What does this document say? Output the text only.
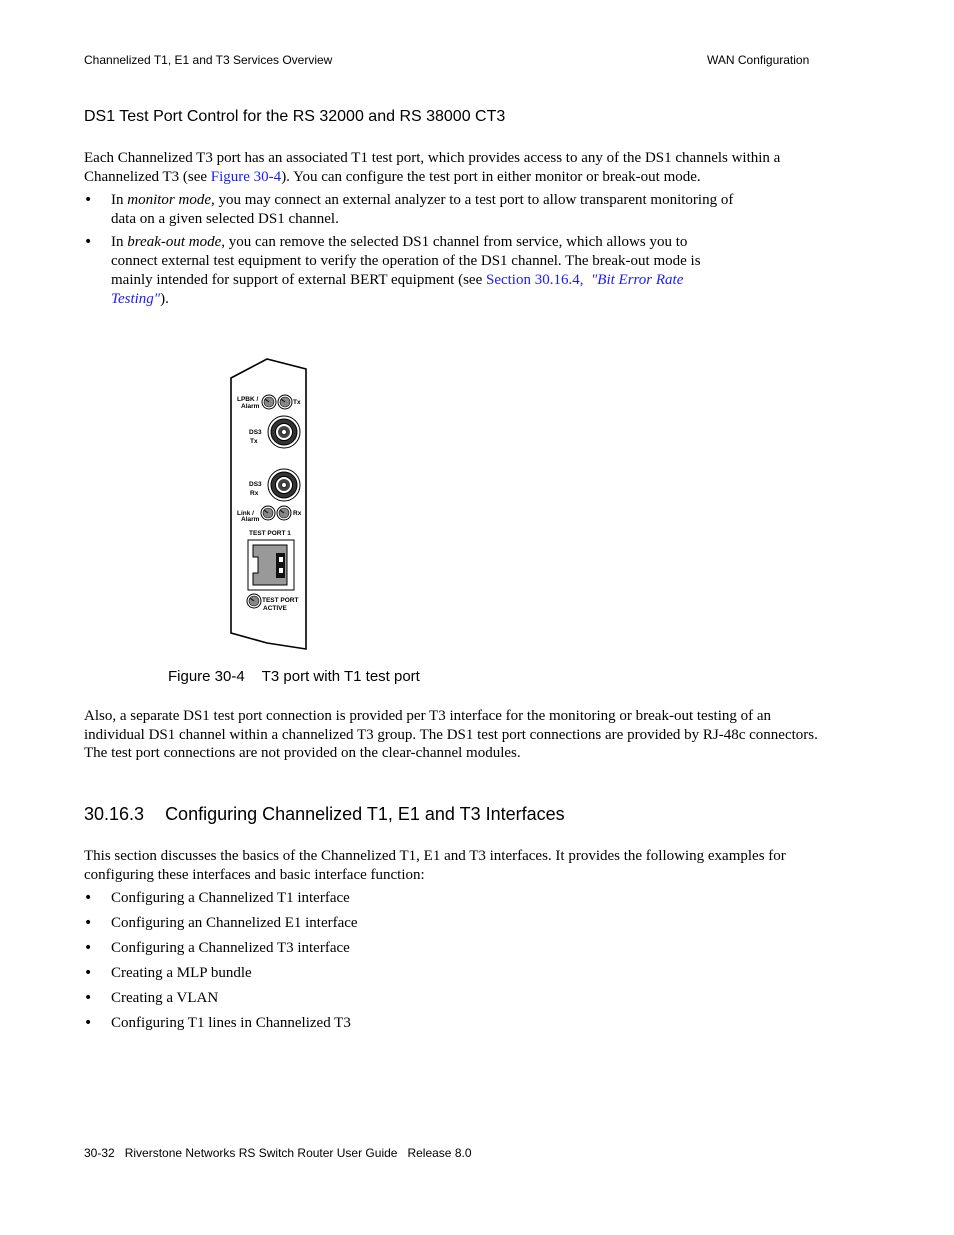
Channelized T1, E1 and T3 Services Overview	WAN Configuration
DS1 Test Port Control for the RS 32000 and RS 38000 CT3
Each Channelized T3 port has an associated T1 test port, which provides access to any of the DS1 channels within a Channelized T3 (see Figure 30-4). You can configure the test port in either monitor or break-out mode.
• In monitor mode, you may connect an external analyzer to a test port to allow transparent monitoring of data on a given selected DS1 channel.
• In break-out mode, you can remove the selected DS1 channel from service, which allows you to connect external test equipment to verify the operation of the DS1 channel. The break-out mode is mainly intended for support of external BERT equipment (see Section 30.16.4, "Bit Error Rate Testing").
LPBK /
Alarm
Tx
DS3
Tx
DS3
Rx
Link /
Alarm
Rx
TEST PORT 1
TEST PORT
ACTIVE
Figure 30-4 T3 port with T1 test port
Also, a separate DS1 test port connection is provided per T3 interface for the monitoring or break-out testing of an individual DS1 channel within a channelized T3 group. The DS1 test port connections are provided by RJ-48c connectors. The test port connections are not provided on the clear-channel modules.
30.16.3 Configuring Channelized T1, E1 and T3 Interfaces
This section discusses the basics of the Channelized T1, E1 and T3 interfaces. It provides the following examples for configuring these interfaces and basic interface function:
• Configuring a Channelized T1 interface
• Configuring an Channelized E1 interface
• Configuring a Channelized T3 interface
• Creating a MLP bundle
• Creating a VLAN
• Configuring T1 lines in Channelized T3
30-32   Riverstone Networks RS Switch Router User Guide   Release 8.0
